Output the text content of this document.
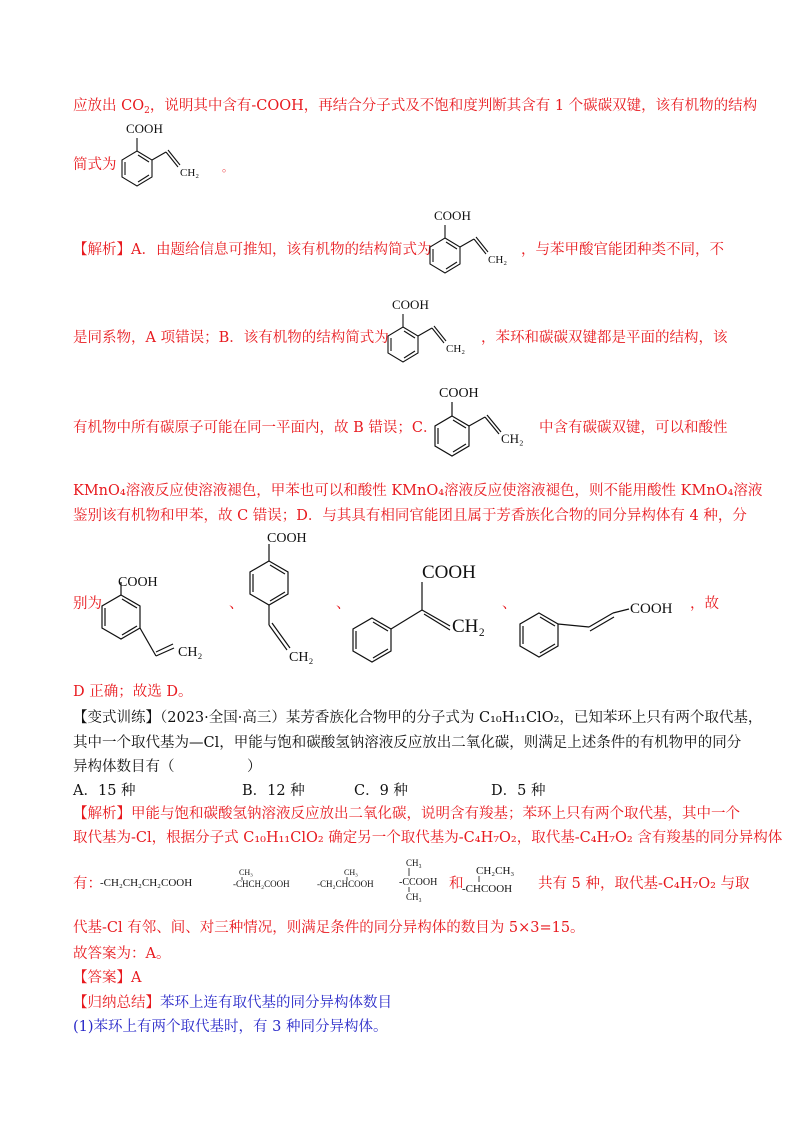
应放出 $CO_2$，说明其中含有-COOH，再结合分子式及不饱和度判断其含有 1 个碳碳双键，该有机物的结构
简式为
COOH
CH₂ 。
【解析】A．由题给信息可推知，该有机物的结构简式为
COOH
CH₂
，与苯甲酸官能团种类不同，不
是同系物，A 项错误；B．该有机物的结构简式为
COOH
CH₂
，苯环和碳碳双键都是平面的结构，该
有机物中所有碳原子可能在同一平面内，故 B 错误；C．
COOH
CH₂
中含有碳碳双键，可以和酸性
KMnO₄溶液反应使溶液褪色，甲苯也可以和酸性 KMnO₄溶液反应使溶液褪色，则不能用酸性 KMnO₄溶液
鉴别该有机物和甲苯，故 C 错误；D．与其具有相同官能团且属于芳香族化合物的同分异构体有 4 种，分
别为
COOH
CH₂
、
COOH
CH₂
、
COOH
CH₂
、	COOH ，故
D 正确；故选 D。
【变式训练】（2023·全国·高三）某芳香族化合物甲的分子式为 C₁₀H₁₁ClO₂，已知苯环上只有两个取代基，
其中一个取代基为—Cl，甲能与饱和碳酸氢钠溶液反应放出二氧化碳，则满足上述条件的有机物甲的同分
异构体数目有（　　　　　）
A．15 种	B．12 种	C．9 种	D．5 种
【解析】甲能与饱和碳酸氢钠溶液反应放出二氧化碳，说明含有羧基；苯环上只有两个取代基，其中一个
取代基为-Cl，根据分子式 C₁₀H₁₁ClO₂ 确定另一个取代基为-C₄H₇O₂，取代基-C₄H₇O₂ 含有羧基的同分异构体
有：
-CH₂CH₂CH₂COOH
CH₃
-CHCH₂COOH
CH₃
-CH₂CHCOOH
CH₃
-CCOOH
CH₃
CH₂CH₃
-CHCOOH
和	共有 5 种，取代基-C₄H₇O₂ 与取
代基-Cl 有邻、间、对三种情况，则满足条件的同分异构体的数目为 5×3=15。
故答案为：A。
【答案】A
【归纳总结】苯环上连有取代基的同分异构体数目
(1)苯环上有两个取代基时，有 3 种同分异构体。
